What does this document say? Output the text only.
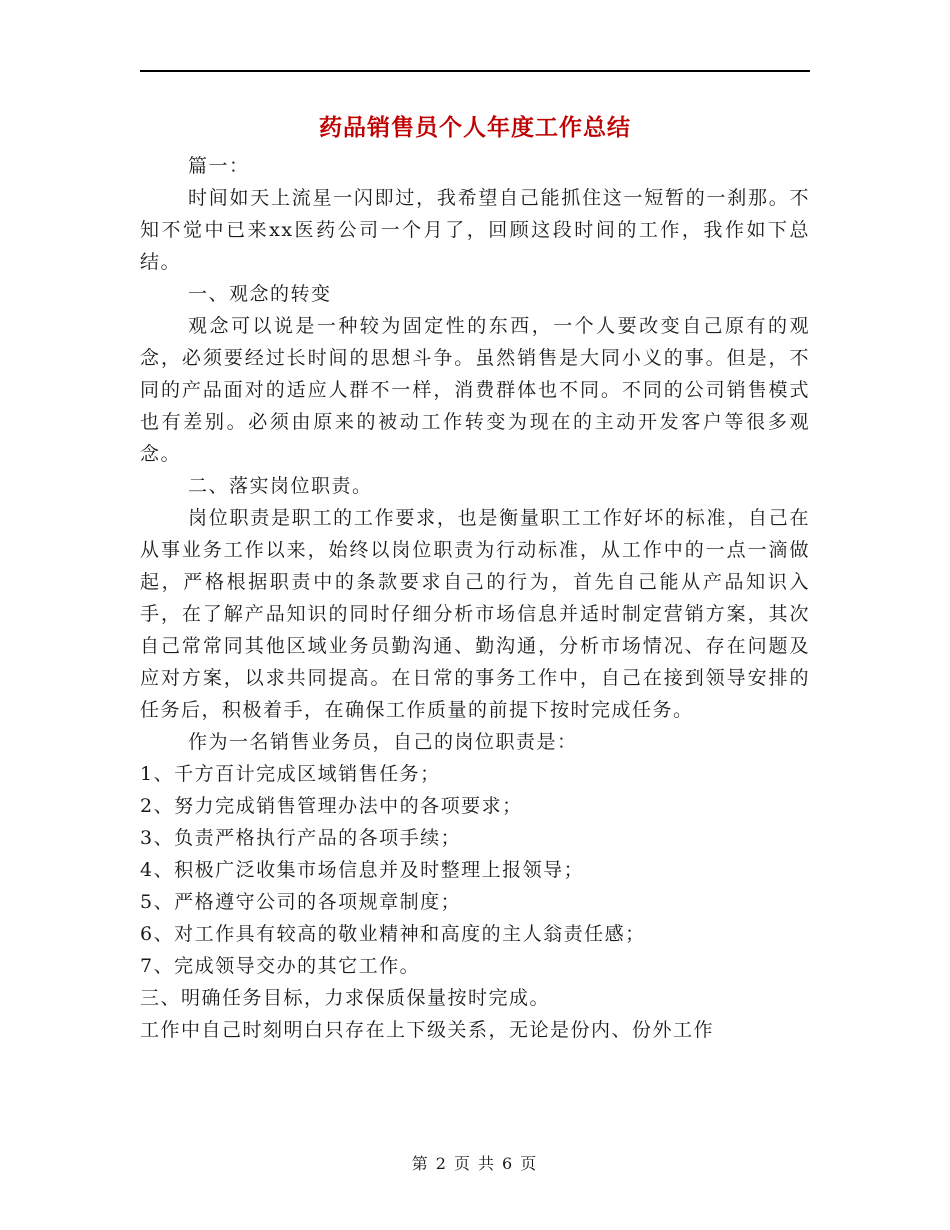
药品销售员个人年度工作总结

篇一：

时间如天上流星一闪即过，我希望自己能抓住这一短暂的一刹那。不知不觉中已来xx医药公司一个月了，回顾这段时间的工作，我作如下总结。

一、观念的转变

观念可以说是一种较为固定性的东西，一个人要改变自己原有的观念，必须要经过长时间的思想斗争。虽然销售是大同小义的事。但是，不同的产品面对的适应人群不一样，消费群体也不同。不同的公司销售模式也有差别。必须由原来的被动工作转变为现在的主动开发客户等很多观念。

二、落实岗位职责。

岗位职责是职工的工作要求，也是衡量职工工作好坏的标准，自己在从事业务工作以来，始终以岗位职责为行动标准，从工作中的一点一滴做起，严格根据职责中的条款要求自己的行为，首先自己能从产品知识入手，在了解产品知识的同时仔细分析市场信息并适时制定营销方案，其次自己常常同其他区域业务员勤沟通、勤沟通，分析市场情况、存在问题及应对方案，以求共同提高。在日常的事务工作中，自己在接到领导安排的任务后，积极着手，在确保工作质量的前提下按时完成任务。

作为一名销售业务员，自己的岗位职责是：

1、千方百计完成区域销售任务；

2、努力完成销售管理办法中的各项要求；

3、负责严格执行产品的各项手续；

4、积极广泛收集市场信息并及时整理上报领导；

5、严格遵守公司的各项规章制度；

6、对工作具有较高的敬业精神和高度的主人翁责任感；

7、完成领导交办的其它工作。

三、明确任务目标，力求保质保量按时完成。

工作中自己时刻明白只存在上下级关系，无论是份内、份外工作

第 2 页 共 6 页
